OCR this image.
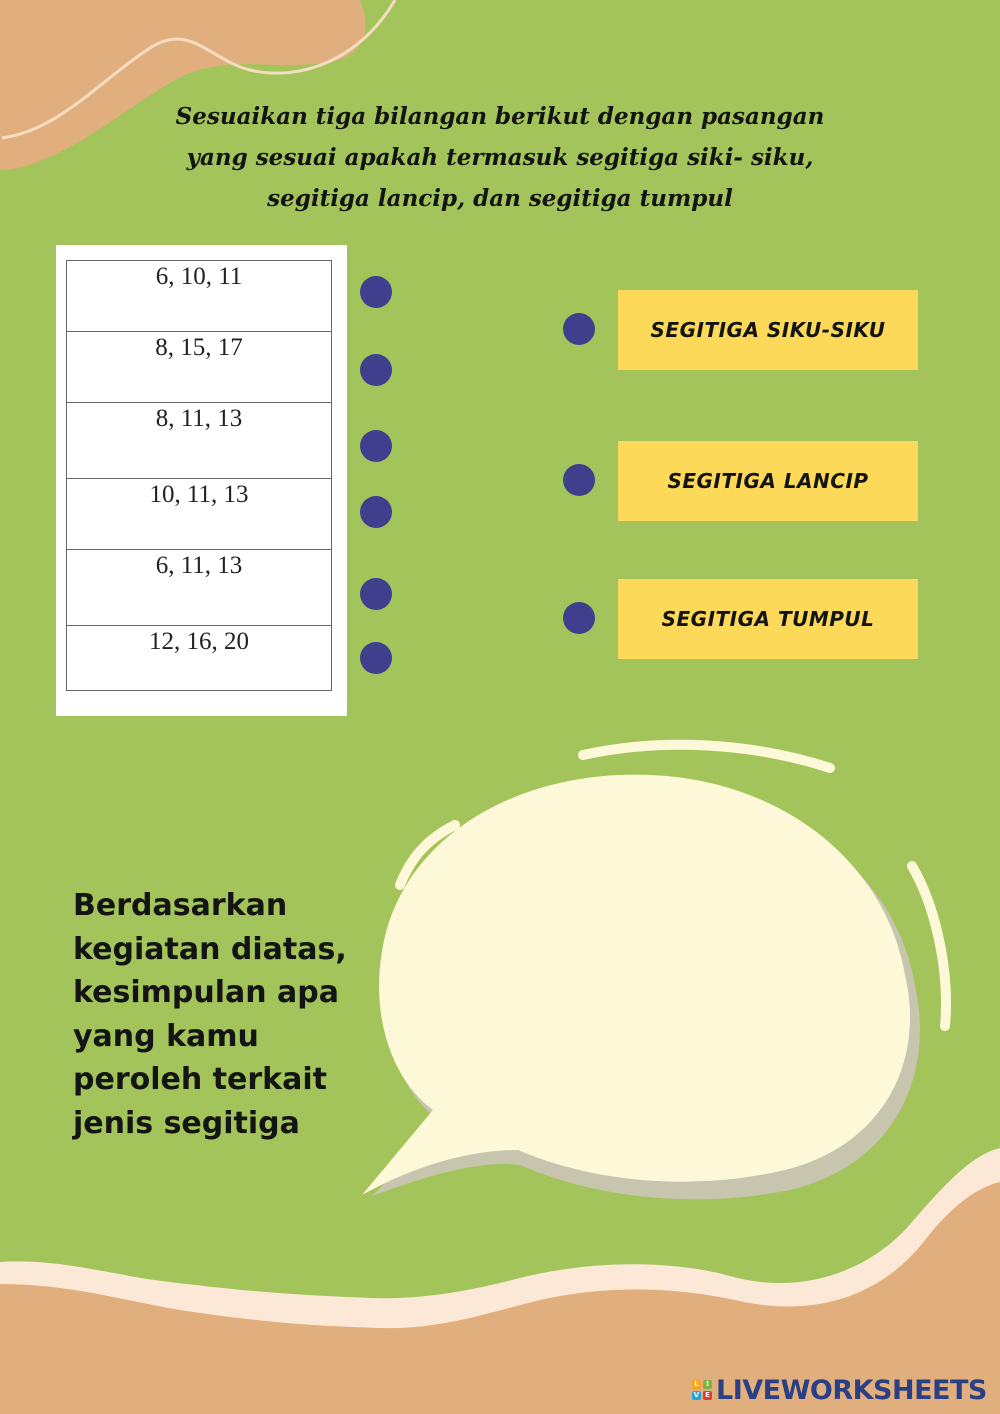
Sesuaikan tiga bilangan berikut dengan pasangan yang sesuai apakah termasuk segitiga siki- siku, segitiga lancip, dan segitiga tumpul

6, 10, 11
8, 15, 17
8, 11, 13
10, 11, 13
6, 11, 13
12, 16, 20
SEGITIGA SIKU-SIKU
SEGITIGA LANCIP
SEGITIGA TUMPUL

Berdasarkan kegiatan diatas, kesimpulan apa yang kamu peroleh terkait jenis segitiga

L	I
V E LIVEWORKSHEETS
